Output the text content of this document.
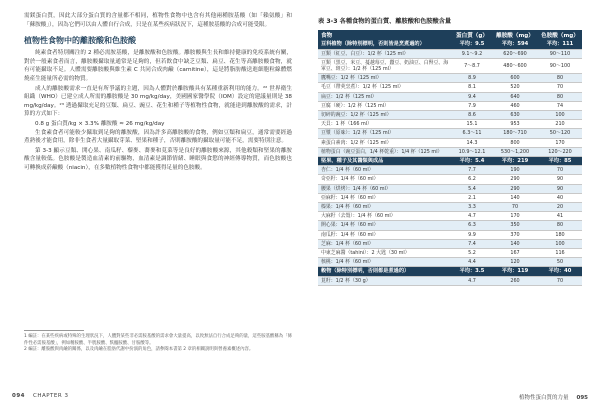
需鎂蛋白質，因此大部分蛋白質的含量都不相同，植物性食物中也含有其他兩種胺基酸（如「賴氨酸」和「蘇胺酸」），因為它們可以由人體自行合成，只是在某些疾病狀況下，這種胺基酸的合成可能受限。

植物性食物中的離胺酸和色胺酸

純素食者特別關注的 2 種必需胺基酸，是離胺酸和色胺酸。離胺酸與生長和維持健康的免疫系統有關，對於一般素食者而言，離胺酸攝取量通常是足夠的，但若飲食中缺乏豆類、扁豆、花生等高離胺酸食物，就有可能攝取不足。人體需要離胺酸與維生素 C 共同合成肉鹼（carnitine），這是將脂肪酸送進細胞粒線體燃燒產生能量所必需的物質。

成人的離胺酸需求一直是有所爭議的主題，因為人體對於離胺酸具有某種重新利用的能力。²² 世界衛生組織（WHO）已建立成人所需的離胺酸是 30 mg/kg/day，美國國家醫學院（IOM）設定的建議量則是 38 mg/kg/day。²³ 透過攝取充足的豆類、扁豆、豌豆、花生和種子等植物性食物，就能達到離胺酸的需求，計算的方式如下：

0.8 g 蛋白質/kg × 3.3% 離胺酸 ≈ 26 mg/kg/day

生食素食者可能較少攝取到足夠的離胺酸，因為許多高離胺酸的食物，例如豆類和扁豆，通常需要經過煮熟後才能食用，除非生食者大量攝取芽菜、堅果和種子，否則離胺酸的攝取量可能不足，需要特別注意。

第 3-3 顯示豆類、開心果、南瓜籽、藜麥、蕎麥和莧菜等是良好的離胺酸來源，其他穀類和堅果的離胺酸含量較低。色胺酸是製造血清素的前驅物，血清素是調節情緒、睡眠與食慾的神經傳導物質，而色胺酸也可轉換成菸鹼酸（niacin），在多數植物性食物中都能獲得足量的色胺酸。

1 編註：在某些疾病或特殊的生理狀況下，人體對某些非必需胺基酸的需求會大量提高，以致無法自行合成足夠的量，這些胺基酸稱為「條件性必需胺基酸」，例如精胺酸、半胱胺酸、麩醯胺酸、甘胺酸等。

2 編註：離胺酸與肉鹼的關係，以及肉鹼在脂肪代謝中扮演的角色，請參閱本書第 2 章的相關說明與營養素概述內容。

094 CHAPTER 3
表 3-3 各種食物的蛋白質、離胺酸和色胺酸含量
食物	蛋白質（g）	離胺酸（mg）	色胺酸（mg）
豆科植物（除特別標明，否則皆是烹煮過的）	平均：9.5	平均：594	平均：111
豆類（紅豆、白豆）：1/2 杯（125 ml）	9.1～9.2	620～690	90～110
豆類（黑豆、米豆、蔓越莓豆、蠶豆、奶油豆、白腎豆、海軍豆、斑豆）：1/2 杯（125 ml）	7～8.7	480～600	90～100
鷹嘴豆：1/2 杯（125 ml）	8.9	600	80
毛豆（帶莢烹煮）：1/2 杯（125 ml）	8.1	520	70
扁豆：1/2 杯（125 ml）	9.4	640	80
豆腐（硬）：1/2 杯（125 ml）	7.9	460	74
切碎的豌豆：1/2 杯（125 ml）	8.6	630	100
天貝：1 杯（166 ml）	15.1	953	210
豆漿（原味）：1/2 杯（125 ml）	6.3～11	180～710	50～120
素蛋白素肉：1/2 杯（125 ml）	14.3	800	170
植物蛋白（豌豆蛋白，1/4 杯乾重）：1/4 杯（125 ml）	10.9～12.1	530～1,200	120～220
堅果、種子及其醬類與成品	平均：5.4	平均：219	平均：85
杏仁：1/4 杯（60 ml）	7.7	190	70
奇亞籽：1/4 杯（60 ml）	6.2	290	90
腰果（烘烤）：1/4 杯（60 ml）	5.4	290	90
亞麻籽：1/4 杯（60 ml）	2.1	140	40
榛果：1/4 杯（60 ml）	3.3	70	20
大麻籽（去殼）：1/4 杯（60 ml）	4.7	170	41
開心果：1/4 杯（60 ml）	6.3	350	80
南瓜籽：1/4 杯（60 ml）	9.9	370	180
芝麻：1/4 杯（60 ml）	7.4	140	100
中東芝麻醬（tahini）：2 大匙（30 ml）	5.2	167	116
核桃：1/4 杯（60 ml）	4.4	120	50
穀物（除特別標明，否則都是煮過的）	平均：3.5	平均：119	平均：40
莧籽：1/2 杯（30 g）	4.7	260	70
植物性蛋白質的力量 095
